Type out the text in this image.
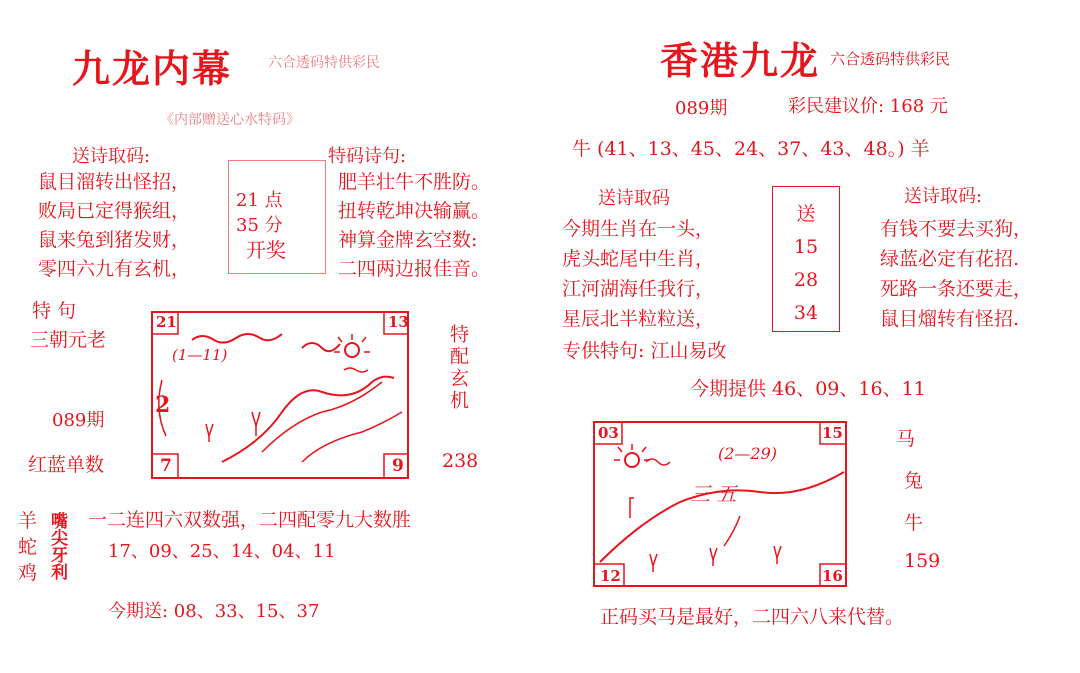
九龙内幕	六合透码特供彩民
《内部赠送心水特码》
送诗取码:
鼠目溜转出怪招，
败局已定得猴组，
鼠来兔到猪发财，
零四六九有玄机，
21 点
35 分
开奖
特码诗句:
肥羊壮牛不胜防。
扭转乾坤决输赢。
神算金牌玄空数:
二四两边报佳音。
特 句
三朝元老	特配玄机
089期
红蓝单数	238
21	13
7	9
(1—11)
2
羊
蛇
鸡 嘴尖牙利 一二连四六双数强，二四配零九大数胜
17、09、25、14、04、11
今期送: 08、33、15、37
香港九龙 六合透码特供彩民
089期	彩民建议价: 168 元
牛 (41、13、45、24、37、43、48。) 羊
送诗取码
今期生肖在一头，
虎头蛇尾中生肖，
江河湖海任我行，
星辰北半粒粒送，
专供特句: 江山易改
送
15
28
34
送诗取码:
有钱不要去买狗，
绿蓝必定有花招.
死路一条还要走，
鼠目熘转有怪招.
今期提供 46、09、16、11
03	15
12	16
(2—29)
三 五
马
兔
牛
159
正码买马是最好，二四六八来代替。
